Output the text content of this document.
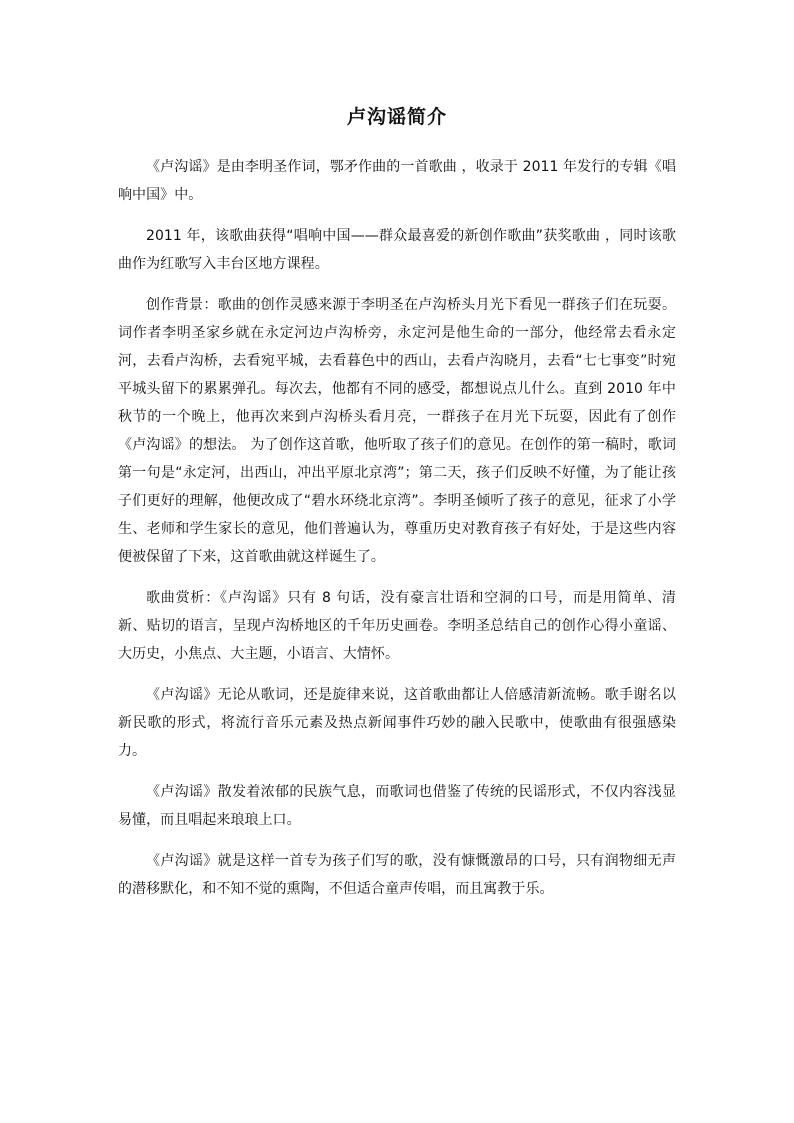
卢沟谣简介

《卢沟谣》是由李明圣作词，鄂矛作曲的一首歌曲 ，收录于 2011 年发行的专辑《唱响中国》中。

2011 年，该歌曲获得“唱响中国——群众最喜爱的新创作歌曲”获奖歌曲 ，同时该歌曲作为红歌写入丰台区地方课程。

创作背景：歌曲的创作灵感来源于李明圣在卢沟桥头月光下看见一群孩子们在玩耍。词作者李明圣家乡就在永定河边卢沟桥旁，永定河是他生命的一部分，他经常去看永定河，去看卢沟桥，去看宛平城，去看暮色中的西山，去看卢沟晓月，去看“七七事变”时宛平城头留下的累累弹孔。每次去，他都有不同的感受，都想说点儿什么。直到 2010 年中秋节的一个晚上，他再次来到卢沟桥头看月亮，一群孩子在月光下玩耍，因此有了创作《卢沟谣》的想法。 为了创作这首歌，他听取了孩子们的意见。在创作的第一稿时，歌词第一句是“永定河，出西山，冲出平原北京湾”；第二天，孩子们反映不好懂，为了能让孩子们更好的理解，他便改成了“碧水环绕北京湾”。李明圣倾听了孩子的意见，征求了小学生、老师和学生家长的意见，他们普遍认为，尊重历史对教育孩子有好处，于是这些内容便被保留了下来，这首歌曲就这样诞生了。

歌曲赏析：《卢沟谣》只有 8 句话，没有豪言壮语和空洞的口号，而是用简单、清新、贴切的语言，呈现卢沟桥地区的千年历史画卷。李明圣总结自己的创作心得小童谣、大历史，小焦点、大主题，小语言、大情怀。

《卢沟谣》无论从歌词，还是旋律来说，这首歌曲都让人倍感清新流畅。歌手谢名以新民歌的形式，将流行音乐元素及热点新闻事件巧妙的融入民歌中，使歌曲有很强感染力。

《卢沟谣》散发着浓郁的民族气息，而歌词也借鉴了传统的民谣形式，不仅内容浅显易懂，而且唱起来琅琅上口。

《卢沟谣》就是这样一首专为孩子们写的歌，没有慷慨激昂的口号，只有润物细无声的潜移默化，和不知不觉的熏陶，不但适合童声传唱，而且寓教于乐。
